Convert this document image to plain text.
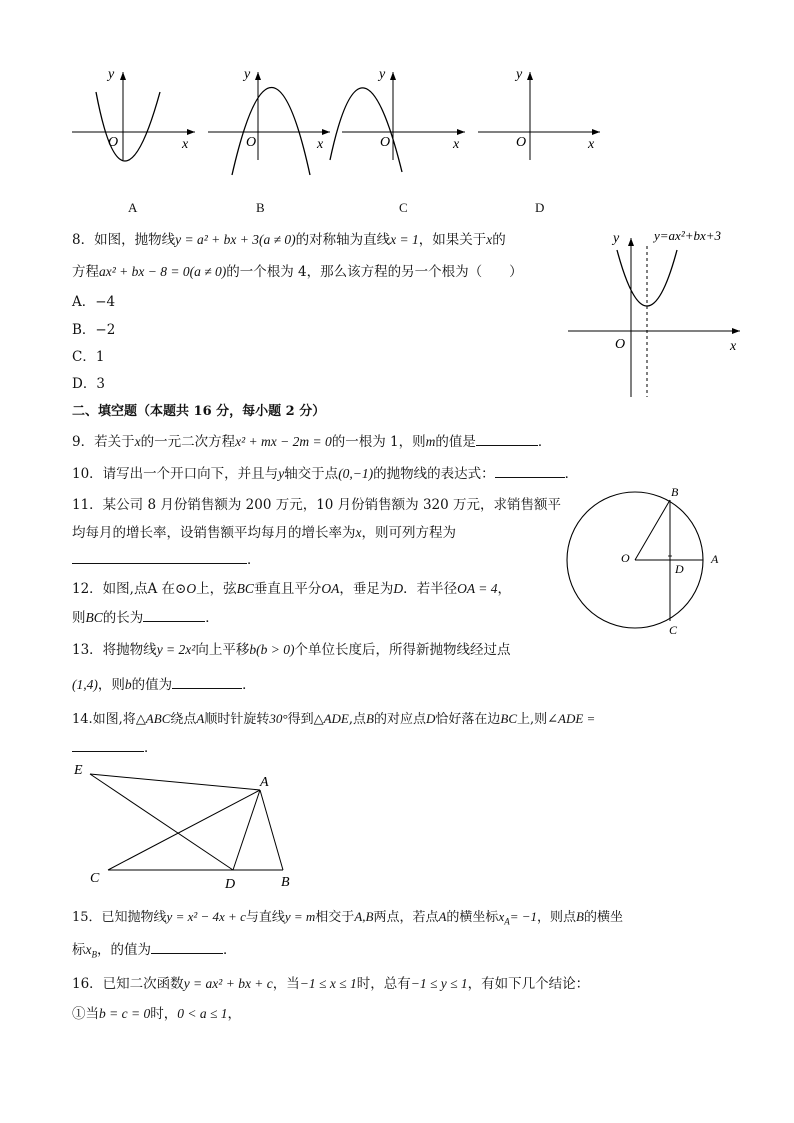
y
x
O
y
x
O
y
x
O
y
x
O
A	B	C	D
8．如图，抛物线y = a² + bx + 3(a ≠ 0)的对称轴为直线x = 1，如果关于x的
方程ax² + bx − 8 = 0(a ≠ 0)的一个根为 4，那么该方程的另一个根为（　　）
A．−4
B．−2
C．1
D．3
y	y=ax²+bx+3
x
O
二、填空题（本题共 16 分，每小题 2 分）
9．若关于x的一元二次方程x² + mx − 2m = 0的一根为 1，则m的值是	．
10．请写出一个开口向下，并且与y轴交于点(0,−1)的抛物线的表达式：	．
11．某公司 8 月份销售额为 200 万元，10 月份销售额为 320 万元，求销售额平
均每月的增长率，设销售额平均每月的增长率为x，则可列方程为
．
B
O
D
A
C
12．如图,点A 在⊙O上，弦BC垂直且平分OA，垂足为D．若半径OA = 4，
则BC的长为	．
13．将抛物线y = 2x²向上平移b(b > 0)个单位长度后，所得新抛物线经过点
(1,4)，则b的值为	．
14.如图,将△ABC绕点A顺时针旋转30°得到△ADE,点B的对应点D恰好落在边BC上,则∠ADE =
．
E
A
C	D	B
15．已知抛物线y = x² − 4x + c与直线y = m相交于A,B两点，若点A的横坐标$x_A= -1$，则点B的横坐
标$x_B$，的值为	．
16．已知二次函数y = ax² + bx + c，当−1 ≤ x ≤ 1时，总有−1 ≤ y ≤ 1，有如下几个结论：
①当b = c = 0时，0 < a ≤ 1，
